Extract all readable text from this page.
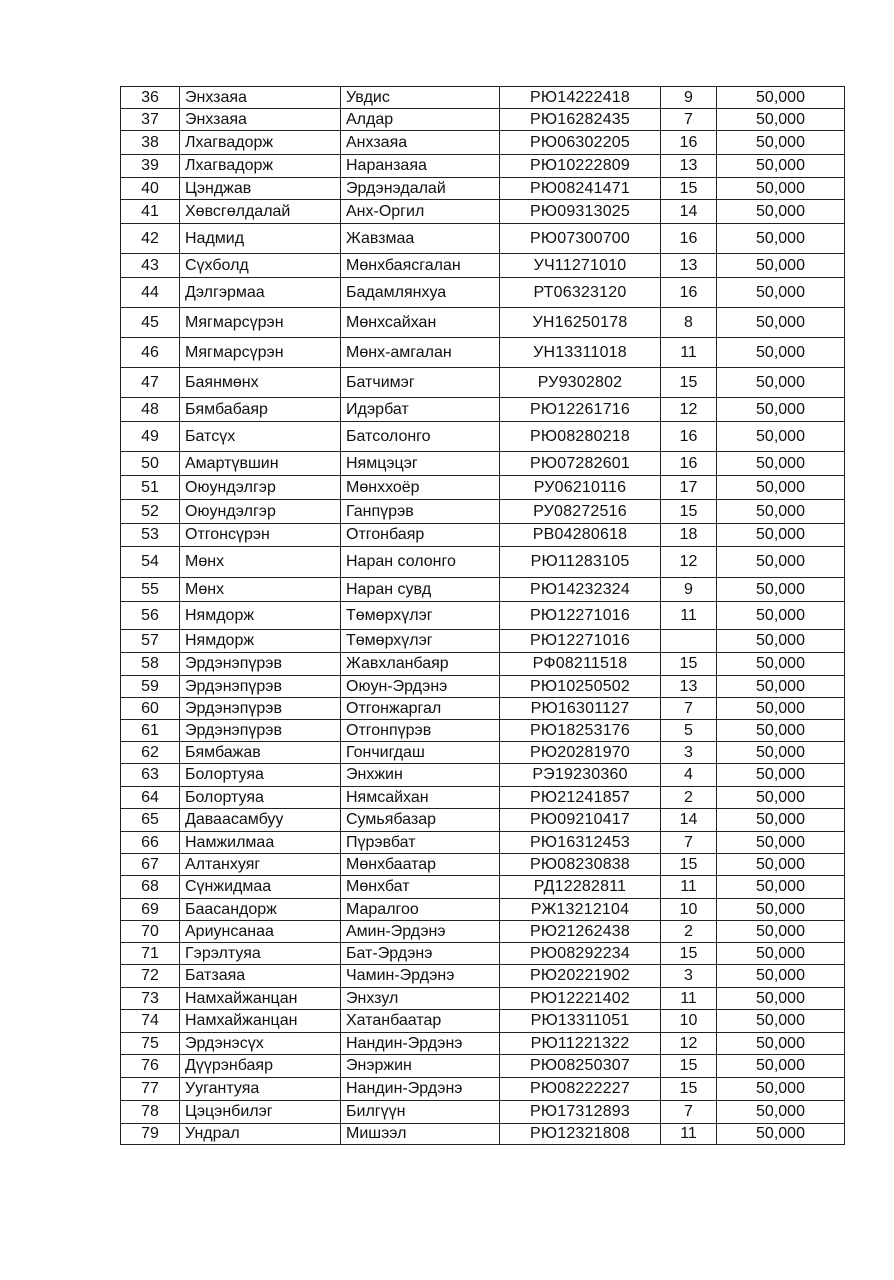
36	Энхзаяа	Увдис	РЮ14222418	9	50,000
37	Энхзаяа	Алдар	РЮ16282435	7	50,000
38	Лхагвадорж	Анхзаяа	РЮ06302205	16	50,000
39	Лхагвадорж	Наранзаяа	РЮ10222809	13	50,000
40	Цэнджав	Эрдэнэдалай	РЮ08241471	15	50,000
41	Хөвсгөлдалай	Анх-Оргил	РЮ09313025	14	50,000
42	Надмид	Жавзмаа	РЮ07300700	16	50,000
43	Сүхболд	Мөнхбаясгалан	УЧ11271010	13	50,000
44	Дэлгэрмаа	Бадамлянхуа	РТ06323120	16	50,000
45	Мягмарсүрэн	Мөнхсайхан	УН16250178	8	50,000
46	Мягмарсүрэн	Мөнх-амгалан	УН13311018	11	50,000
47	Баянмөнх	Батчимэг	РУ9302802	15	50,000
48	Бямбабаяр	Идэрбат	РЮ12261716	12	50,000
49	Батсүх	Батсолонго	РЮ08280218	16	50,000
50	Амартүвшин	Нямцэцэг	РЮ07282601	16	50,000
51	Оюундэлгэр	Мөнххоёр	РУ06210116	17	50,000
52	Оюундэлгэр	Ганпүрэв	РУ08272516	15	50,000
53	Отгонсүрэн	Отгонбаяр	РВ04280618	18	50,000
54	Мөнх	Наран солонго	РЮ11283105	12	50,000
55	Мөнх	Наран сувд	РЮ14232324	9	50,000
56	Нямдорж	Төмөрхүлэг	РЮ12271016	11	50,000
57	Нямдорж	Төмөрхүлэг	РЮ12271016		50,000
58	Эрдэнэпүрэв	Жавхланбаяр	РФ08211518	15	50,000
59	Эрдэнэпүрэв	Оюун-Эрдэнэ	РЮ10250502	13	50,000
60	Эрдэнэпүрэв	Отгонжаргал	РЮ16301127	7	50,000
61	Эрдэнэпүрэв	Отгонпүрэв	РЮ18253176	5	50,000
62	Бямбажав	Гончигдаш	РЮ20281970	3	50,000
63	Болортуяа	Энхжин	РЭ19230360	4	50,000
64	Болортуяа	Нямсайхан	РЮ21241857	2	50,000
65	Даваасамбуу	Сумьябазар	РЮ09210417	14	50,000
66	Намжилмаа	Пүрэвбат	РЮ16312453	7	50,000
67	Алтанхуяг	Мөнхбаатар	РЮ08230838	15	50,000
68	Сүнжидмаа	Мөнхбат	РД12282811	11	50,000
69	Баасандорж	Маралгоо	РЖ13212104	10	50,000
70	Ариунсанаа	Амин-Эрдэнэ	РЮ21262438	2	50,000
71	Гэрэлтуяа	Бат-Эрдэнэ	РЮ08292234	15	50,000
72	Батзаяа	Чамин-Эрдэнэ	РЮ20221902	3	50,000
73	Намхайжанцан	Энхзул	РЮ12221402	11	50,000
74	Намхайжанцан	Хатанбаатар	РЮ13311051	10	50,000
75	Эрдэнэсүх	Нандин-Эрдэнэ	РЮ11221322	12	50,000
76	Дүүрэнбаяр	Энэржин	РЮ08250307	15	50,000
77	Уугантуяа	Нандин-Эрдэнэ	РЮ08222227	15	50,000
78	Цэцэнбилэг	Билгүүн	РЮ17312893	7	50,000
79	Ундрал	Мишээл	РЮ12321808	11	50,000
